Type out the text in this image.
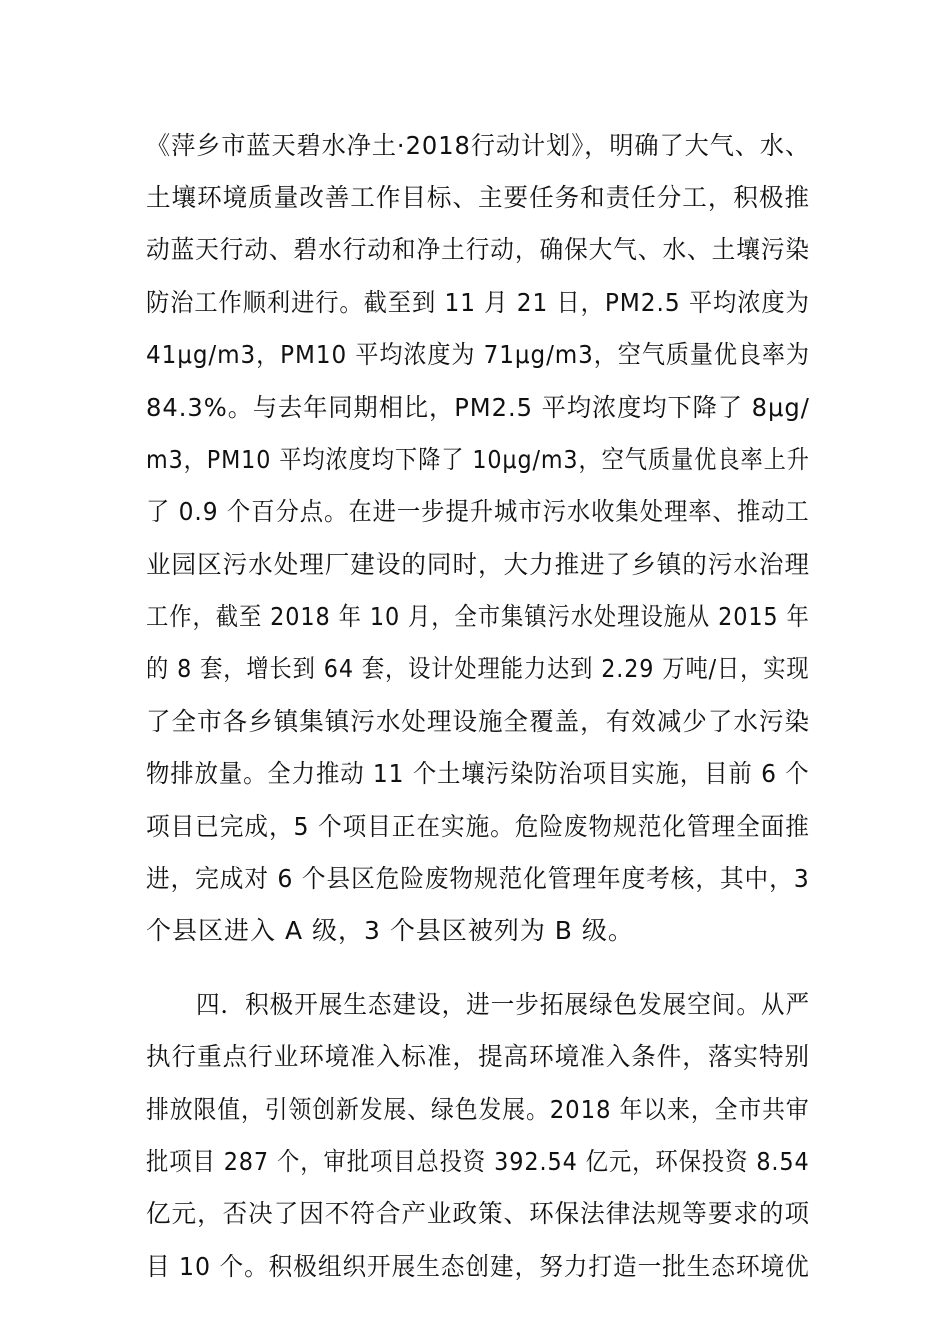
《萍乡市蓝天碧水净土·2018行动计划》，明确了大气、水、
土壤环境质量改善工作目标、主要任务和责任分工，积极推
动蓝天行动、碧水行动和净土行动，确保大气、水、土壤污染
防治工作顺利进行。截至到 11 月 21 日，PM2.5 平均浓度为
41μg/m3，PM10 平均浓度为 71μg/m3，空气质量优良率为
84.3%。与去年同期相比，PM2.5 平均浓度均下降了 8μg/
m3，PM10 平均浓度均下降了 10μg/m3，空气质量优良率上升
了 0.9 个百分点。在进一步提升城市污水收集处理率、推动工
业园区污水处理厂建设的同时，大力推进了乡镇的污水治理
工作，截至 2018 年 10 月，全市集镇污水处理设施从 2015 年
的 8 套，增长到 64 套，设计处理能力达到 2.29 万吨/日，实现
了全市各乡镇集镇污水处理设施全覆盖，有效减少了水污染
物排放量。全力推动 11 个土壤污染防治项目实施，目前 6 个
项目已完成，5 个项目正在实施。危险废物规范化管理全面推
进，完成对 6 个县区危险废物规范化管理年度考核，其中，3
个县区进入 A 级，3 个县区被列为 B 级。
四．积极开展生态建设，进一步拓展绿色发展空间。从严
执行重点行业环境准入标准，提高环境准入条件，落实特别
排放限值，引领创新发展、绿色发展。2018 年以来，全市共审
批项目 287 个，审批项目总投资 392.54 亿元，环保投资 8.54
亿元，否决了因不符合产业政策、环保法律法规等要求的项
目 10 个。积极组织开展生态创建，努力打造一批生态环境优
